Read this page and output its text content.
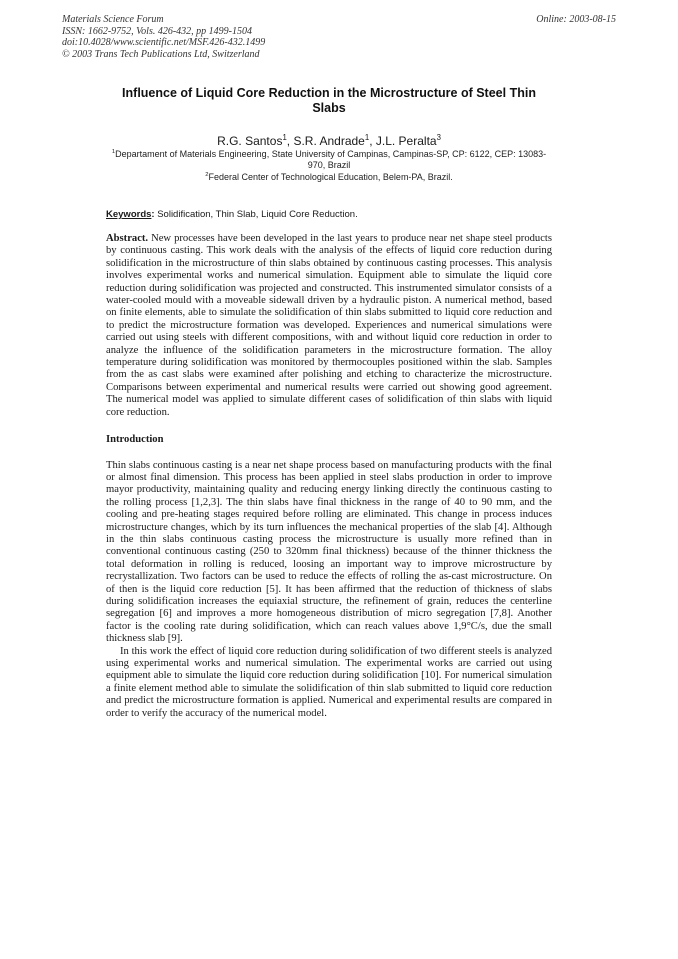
Materials Science Forum
ISSN: 1662-9752, Vols. 426-432, pp 1499-1504
doi:10.4028/www.scientific.net/MSF.426-432.1499
© 2003 Trans Tech Publications Ltd, Switzerland
Online: 2003-08-15
Influence of Liquid Core Reduction in the Microstructure of Steel Thin Slabs

R.G. Santos$^1$, S.R. Andrade$^1$, J.L. Peralta$^3$

$^1$Departament of Materials Engineering, State University of Campinas, Campinas-SP, CP: 6122, CEP: 13083-970, Brazil

$^2$Federal Center of Technological Education, Belem-PA, Brazil.

Keywords: Solidification, Thin Slab, Liquid Core Reduction.

Abstract. New processes have been developed in the last years to produce near net shape steel products by continuous casting. This work deals with the analysis of the effects of liquid core reduction during solidification in the microstructure of thin slabs obtained by continuous casting processes. This analysis involves experimental works and numerical simulation. Equipment able to simulate the liquid core reduction during solidification was projected and constructed. This instrumented simulator consists of a water-cooled mould with a moveable sidewall driven by a hydraulic piston. A numerical method, based on finite elements, able to simulate the solidification of thin slabs submitted to liquid core reduction and to predict the microstructure formation was developed. Experiences and numerical simulations were carried out using steels with different compositions, with and without liquid core reduction in order to analyze the influence of the solidification parameters in the microstructure formation. The alloy temperature during solidification was monitored by thermocouples positioned within the slab. Samples from the as cast slabs were examined after polishing and etching to characterize the microstructure. Comparisons between experimental and numerical results were carried out showing good agreement. The numerical model was applied to simulate different cases of solidification of thin slabs with liquid core reduction.

Introduction

Thin slabs continuous casting is a near net shape process based on manufacturing products with the final or almost final dimension. This process has been applied in steel slabs production in order to improve mayor productivity, maintaining quality and reducing energy linking directly the continuous casting to the rolling process [1,2,3]. The thin slabs have final thickness in the range of 40 to 90 mm, and the cooling and pre-heating stages required before rolling are eliminated. This change in process induces microstructure changes, which by its turn influences the mechanical properties of the slab [4]. Although in the thin slabs continuous casting process the microstructure is usually more refined than in conventional continuous casting (250 to 320mm final thickness) because of the thinner thickness the total deformation in rolling is reduced, loosing an important way to improve microstructure by recrystallization. Two factors can be used to reduce the effects of rolling the as-cast microstructure. On of then is the liquid core reduction [5]. It has been affirmed that the reduction of thickness of slabs during solidification increases the equiaxial structure, the refinement of grain, reduces the centerline segregation [6] and improves a more homogeneous distribution of micro segregation [7,8]. Another factor is the cooling rate during solidification, which can reach values above 1,9°C/s, due the small thickness slab [9].

In this work the effect of liquid core reduction during solidification of two different steels is analyzed using experimental works and numerical simulation. The experimental works are carried out using equipment able to simulate the liquid core reduction during solidification [10]. For numerical simulation a finite element method able to simulate the solidification of thin slab submitted to liquid core reduction and predict the microstructure formation is applied. Numerical and experimental results are compared in order to verify the accuracy of the numerical model.
